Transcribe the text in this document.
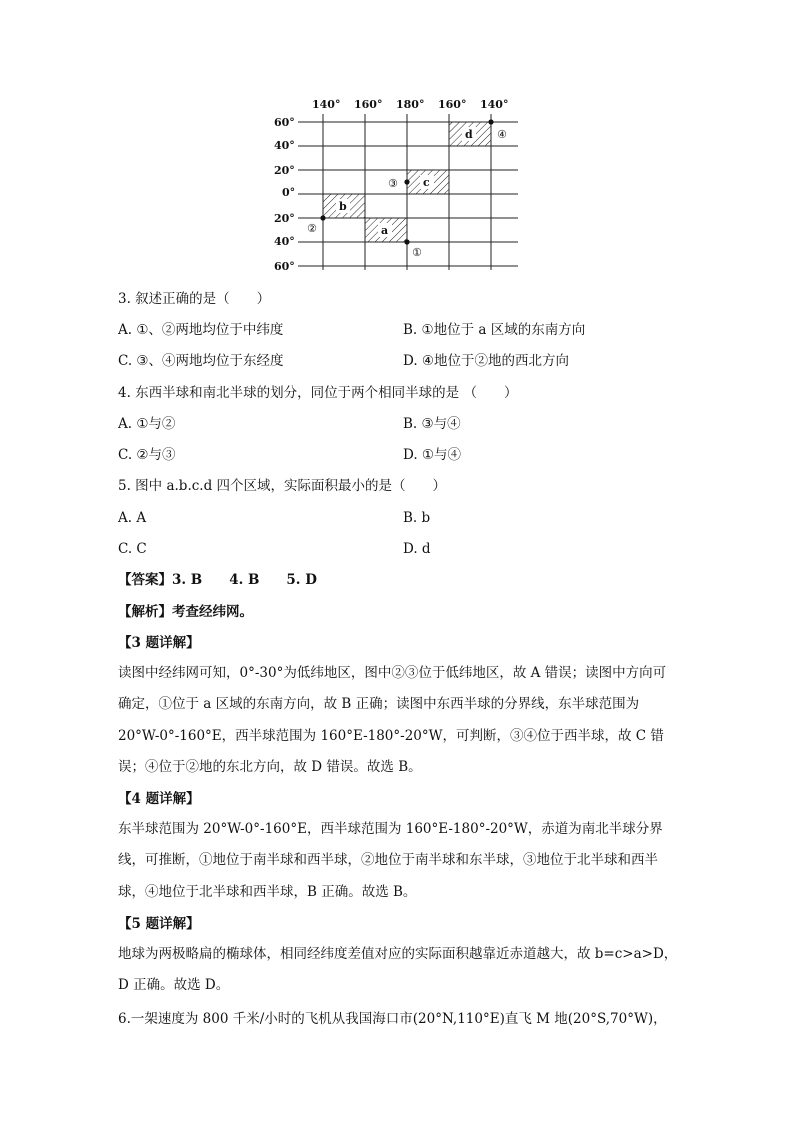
140° 160° 180° 160° 140°
60°
40°
20°
0°
20°
40°
60°
a
b
c
d
①
②
③
④
3. 叙述正确的是（　　）
A. ①、②两地均位于中纬度	B. ①地位于 a 区域的东南方向
C. ③、④两地均位于东经度	D. ④地位于②地的西北方向
4. 东西半球和南北半球的划分，同位于两个相同半球的是 （　　）
A. ①与②	B. ③与④
C. ②与③	D. ①与④
5. 图中 a.b.c.d 四个区域，实际面积最小的是（　　）
A. A	B. b
C. C	D. d
【答案】3. B　　4. B　　5. D
【解析】考查经纬网。
【3 题详解】
读图中经纬网可知，0°-30°为低纬地区，图中②③位于低纬地区，故 A 错误；读图中方向可确定，①位于 a 区域的东南方向，故 B 正确；读图中东西半球的分界线，东半球范围为 20°W-0°-160°E，西半球范围为 160°E-180°-20°W，可判断，③④位于西半球，故 C 错误；④位于②地的东北方向，故 D 错误。故选 B。
【4 题详解】
东半球范围为 20°W-0°-160°E，西半球范围为 160°E-180°-20°W，赤道为南北半球分界线，可推断，①地位于南半球和西半球，②地位于南半球和东半球，③地位于北半球和西半球，④地位于北半球和西半球，B 正确。故选 B。
【5 题详解】
地球为两极略扁的椭球体，相同经纬度差值对应的实际面积越靠近赤道越大，故 b=c>a>D，D 正确。故选 D。
6.一架速度为 800 千米/小时的飞机从我国海口市(20°N,110°E)直飞 M 地(20°S,70°W)，
